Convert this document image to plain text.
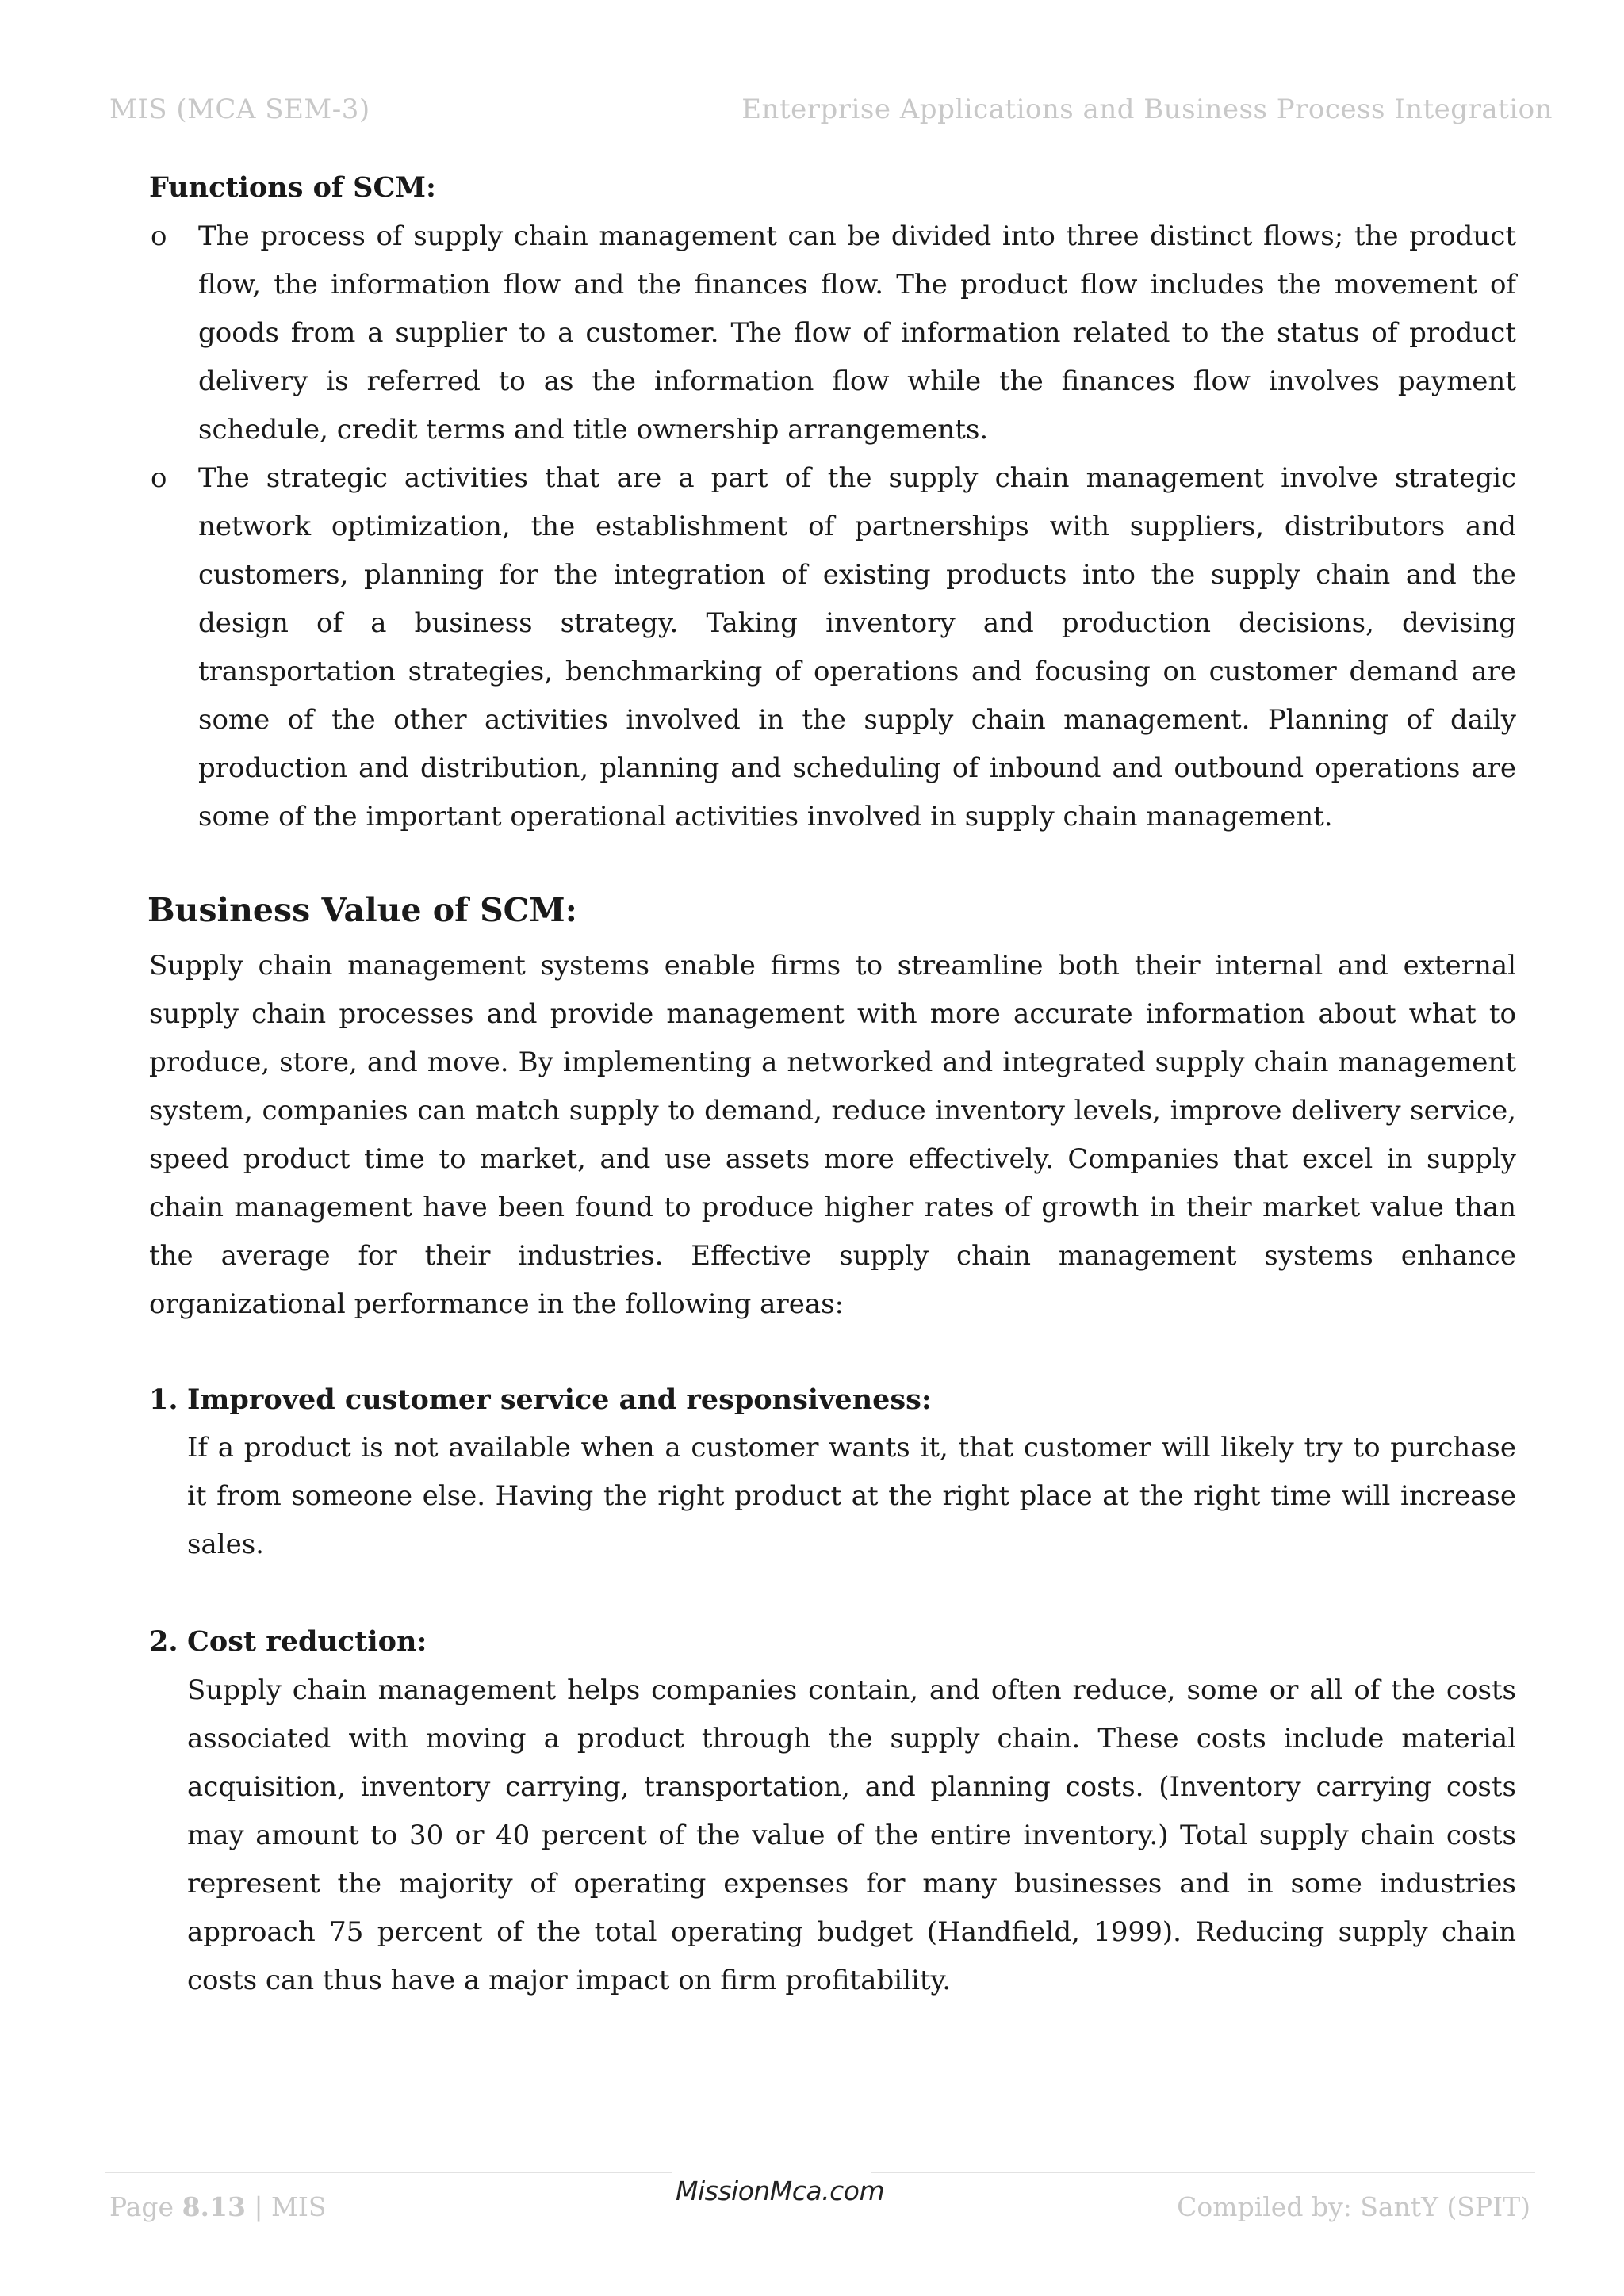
MIS (MCA SEM-3)	Enterprise Applications and Business Process Integration
Functions of SCM:
o The process of supply chain management can be divided into three distinct flows; the product flow, the information flow and the finances flow. The product flow includes the movement of goods from a supplier to a customer. The flow of information related to the status of product delivery is referred to as the information flow while the finances flow involves payment schedule, credit terms and title ownership arrangements.
o The strategic activities that are a part of the supply chain management involve strategic network optimization, the establishment of partnerships with suppliers, distributors and customers, planning for the integration of existing products into the supply chain and the design of a business strategy. Taking inventory and production decisions, devising transportation strategies, benchmarking of operations and focusing on customer demand are some of the other activities involved in the supply chain management. Planning of daily production and distribution, planning and scheduling of inbound and outbound operations are some of the important operational activities involved in supply chain management.
Business Value of SCM:
Supply chain management systems enable firms to streamline both their internal and external supply chain processes and provide management with more accurate information about what to produce, store, and move. By implementing a networked and integrated supply chain management system, companies can match supply to demand, reduce inventory levels, improve delivery service, speed product time to market, and use assets more effectively. Companies that excel in supply chain management have been found to produce higher rates of growth in their market value than the average for their industries. Effective supply chain management systems enhance organizational performance in the following areas:
1. Improved customer service and responsiveness:
If a product is not available when a customer wants it, that customer will likely try to purchase it from someone else. Having the right product at the right place at the right time will increase sales.
2. Cost reduction:
Supply chain management helps companies contain, and often reduce, some or all of the costs associated with moving a product through the supply chain. These costs include material acquisition, inventory carrying, transportation, and planning costs. (Inventory carrying costs may amount to 30 or 40 percent of the value of the entire inventory.) Total supply chain costs represent the majority of operating expenses for many businesses and in some industries approach 75 percent of the total operating budget (Handfield, 1999). Reducing supply chain costs can thus have a major impact on firm profitability.
MissionMca.com
Page 8.13 | MIS	Compiled by: SantY (SPIT)
